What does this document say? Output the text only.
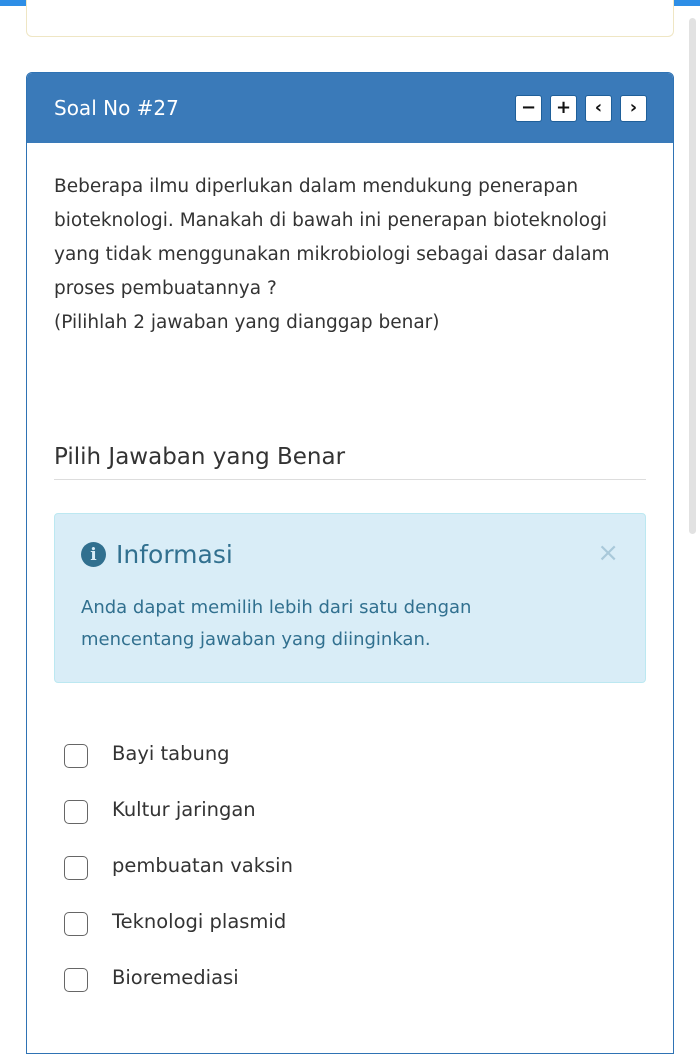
Soal No #27	−	+	‹	›

Beberapa ilmu diperlukan dalam mendukung penerapan bioteknologi. Manakah di bawah ini penerapan bioteknologi yang tidak menggunakan mikrobiologi sebagai dasar dalam proses pembuatannya ?

(Pilihlah 2 jawaban yang dianggap benar)

Pilih Jawaban yang Benar
i Informasi	×
Anda dapat memilih lebih dari satu dengan mencentang jawaban yang diinginkan.
Bayi tabung
Kultur jaringan
pembuatan vaksin
Teknologi plasmid
Bioremediasi
